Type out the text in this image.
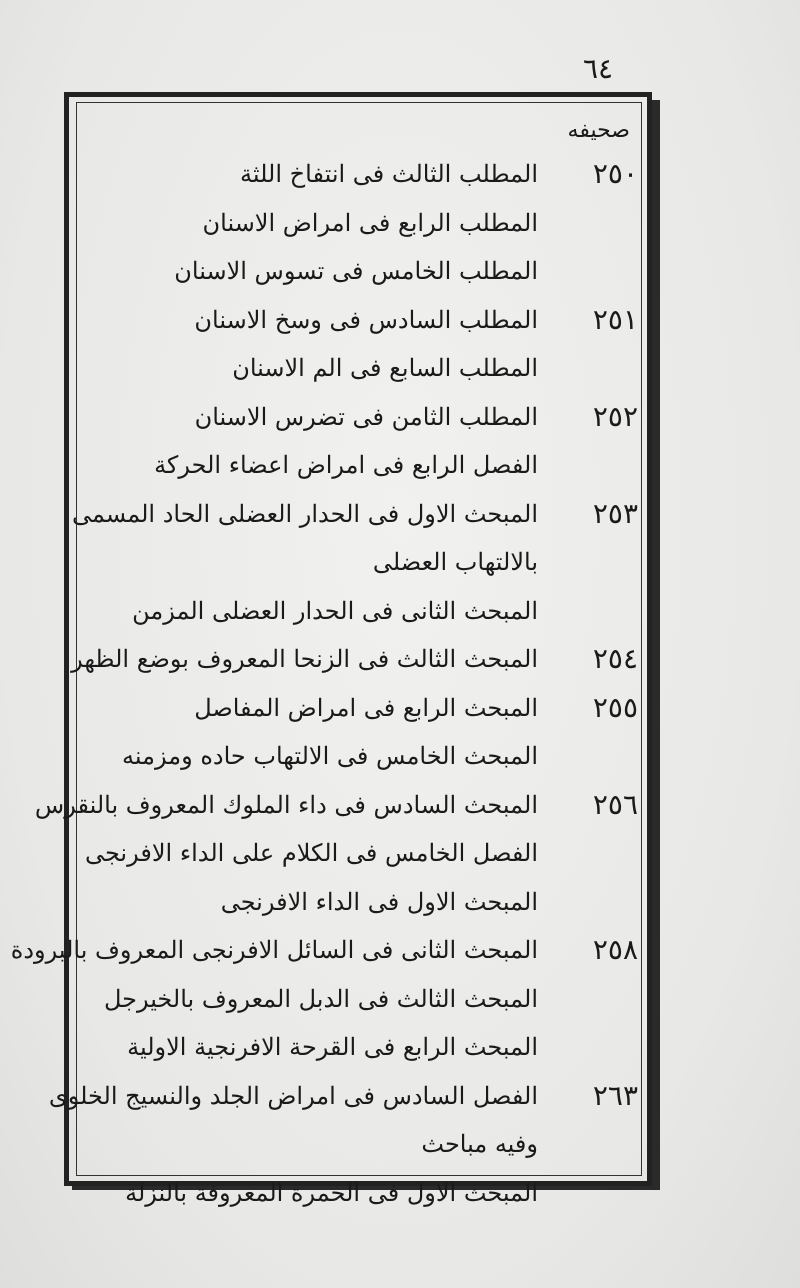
٦٤
صحيفه
٢٥٠
المطلب الثالث فى انتفاخ اللثة
المطلب الرابع فى امراض الاسنان
المطلب الخامس فى تسوس الاسنان
٢٥١
المطلب السادس فى وسخ الاسنان
المطلب السابع فى الم الاسنان
٢٥٢
المطلب الثامن فى تضرس الاسنان
الفصل الرابع فى امراض اعضاء الحركة
٢٥٣
المبحث الاول فى الحدار العضلى الحاد المسمى
بالالتهاب العضلى
المبحث الثانى فى الحدار العضلى المزمن
٢٥٤
المبحث الثالث فى الزنحا المعروف بوضع الظهر
٢٥٥
المبحث الرابع فى امراض المفاصل
المبحث الخامس فى الالتهاب حاده ومزمنه
٢٥٦
المبحث السادس فى داء الملوك المعروف بالنقرس
الفصل الخامس فى الكلام على الداء الافرنجى
المبحث الاول فى الداء الافرنجى
٢٥٨
المبحث الثانى فى السائل الافرنجى المعروف بالبرودة
المبحث الثالث فى الدبل المعروف بالخيرجل
المبحث الرابع فى القرحة الافرنجية الاولية
٢٦٣
الفصل السادس فى امراض الجلد والنسيج الخلوى
وفيه مباحث
المبحث الاول فى الحمرة المعروفة بالنزلة
